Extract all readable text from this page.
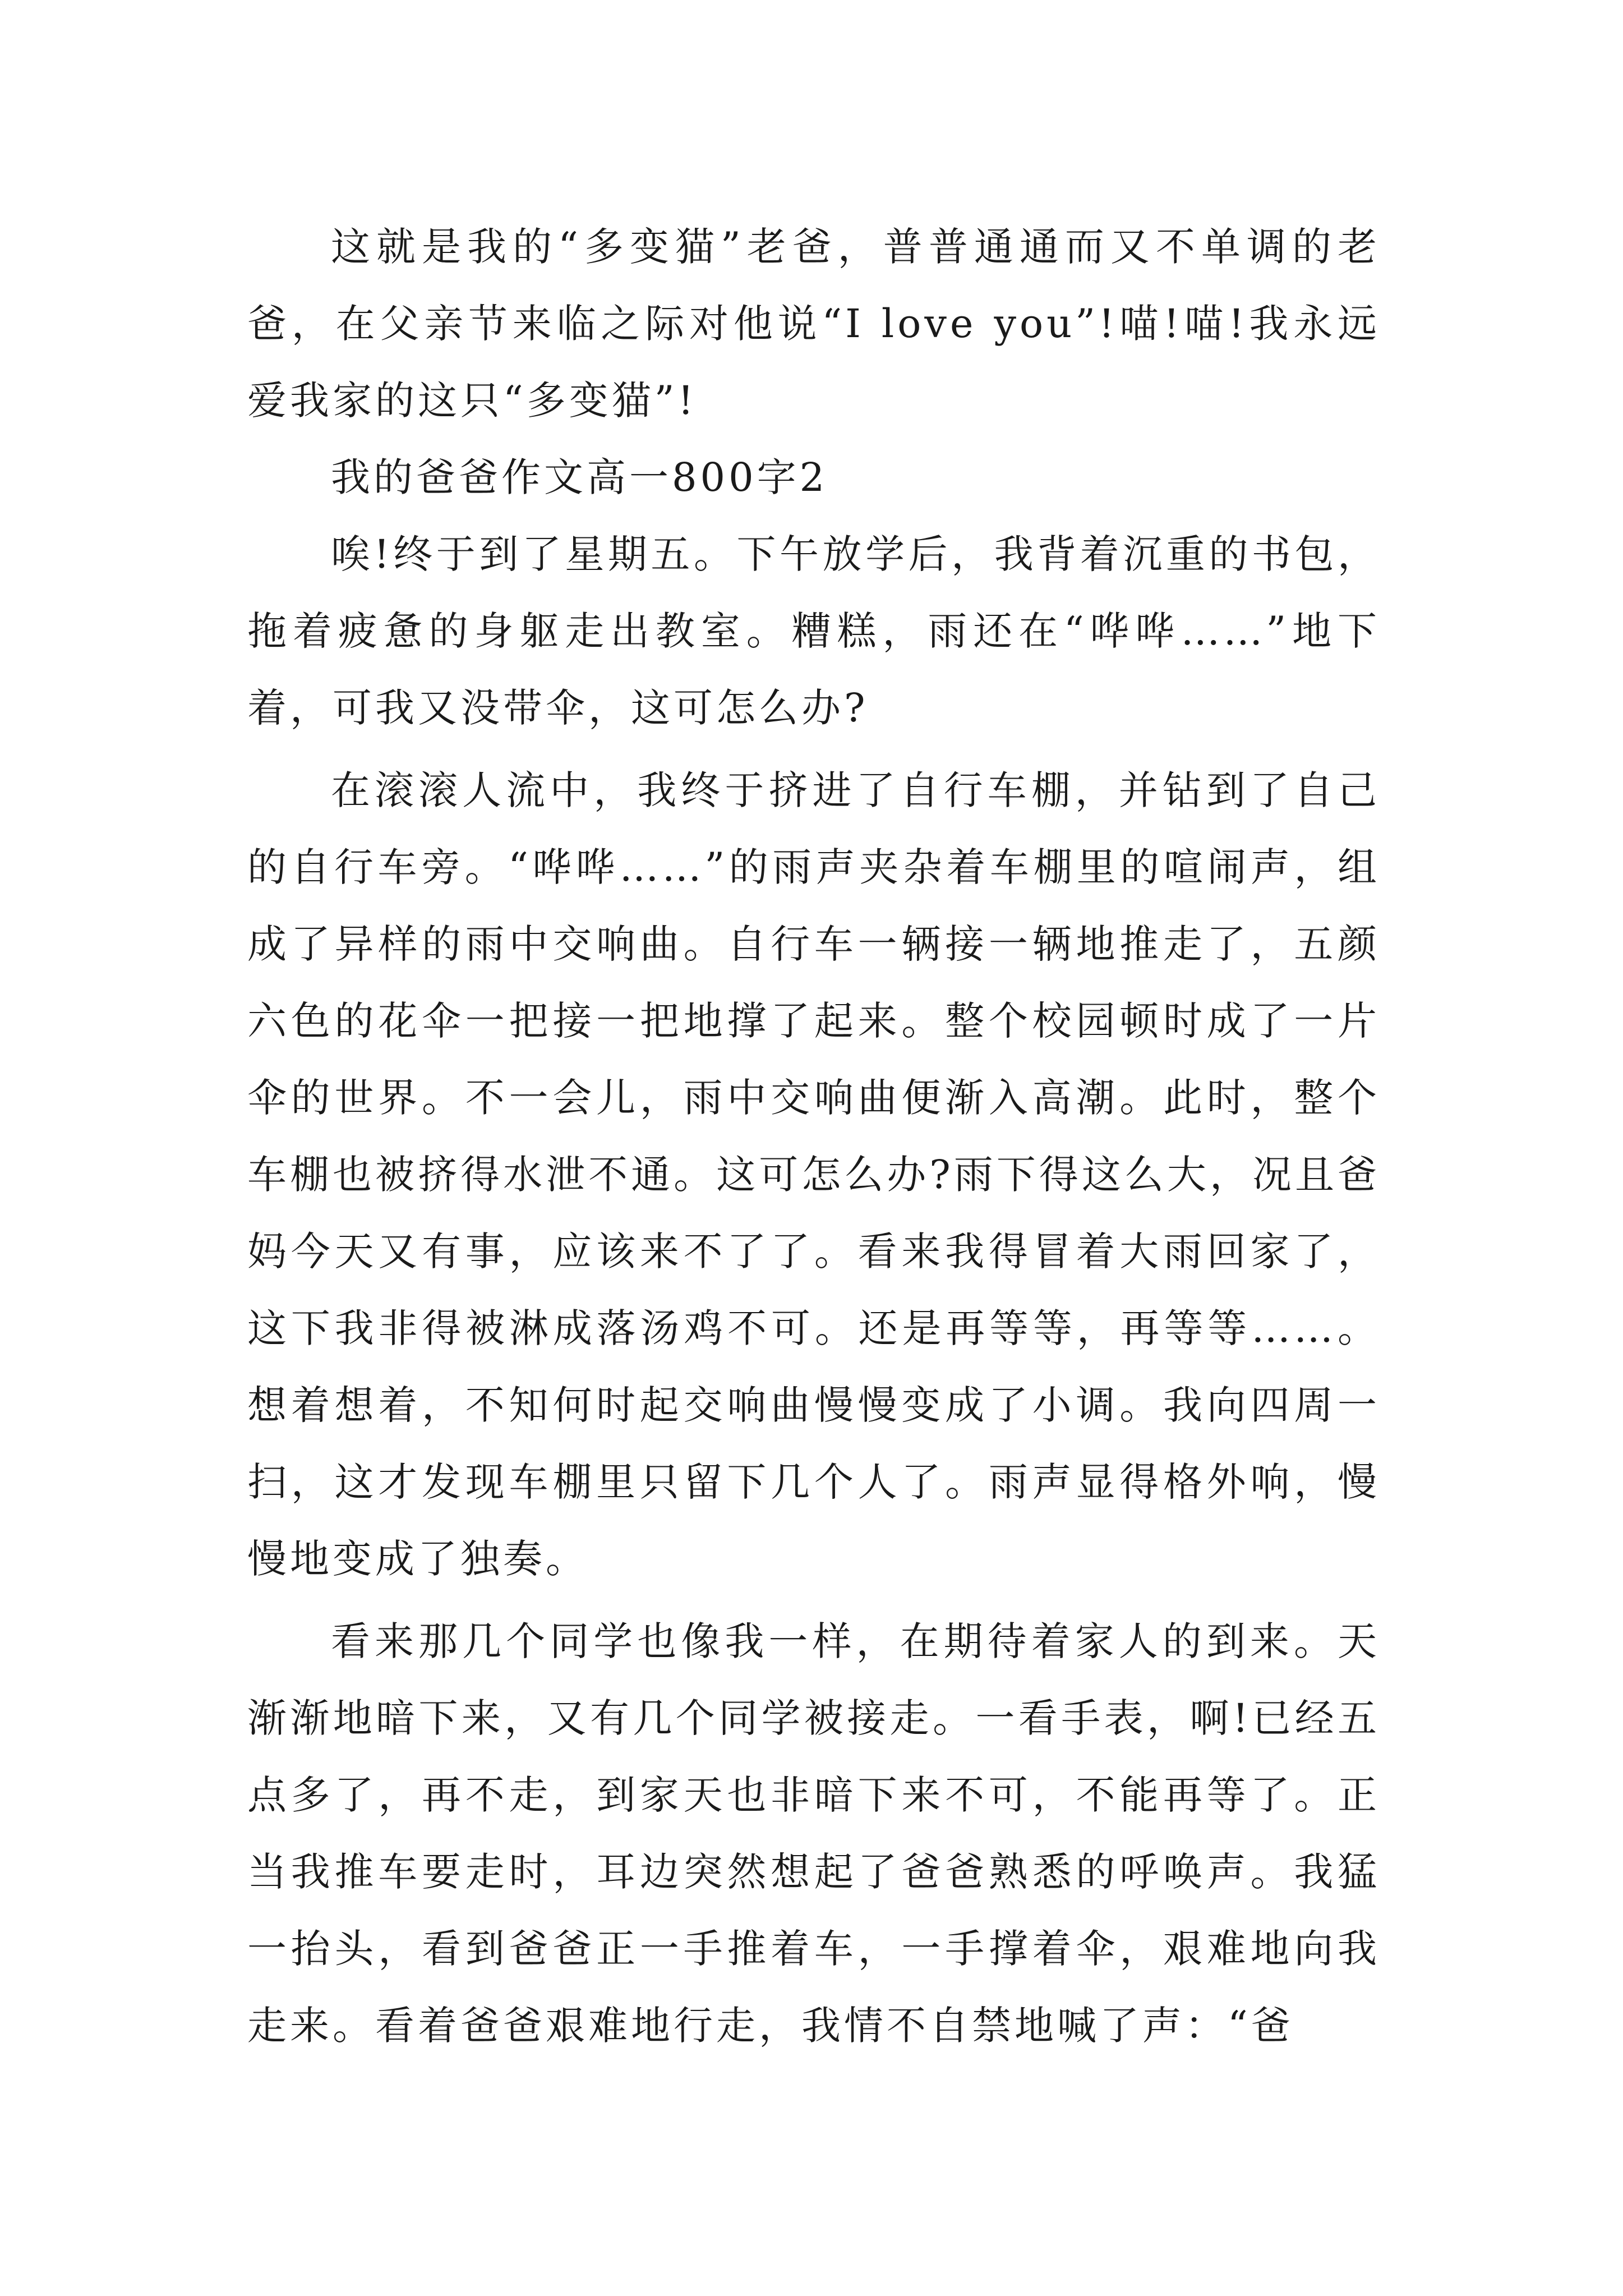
这就是我的“多变猫”老爸，普普通通而又不单调的老爸，在父亲节来临之际对他说“I love you”!喵!喵!我永远爱我家的这只“多变猫”!

我的爸爸作文高一800字2

唉!终于到了星期五。下午放学后，我背着沉重的书包，拖着疲惫的身躯走出教室。糟糕，雨还在“哗哗……”地下着，可我又没带伞，这可怎么办?

在滚滚人流中，我终于挤进了自行车棚，并钻到了自己的自行车旁。“哗哗……”的雨声夹杂着车棚里的喧闹声，组成了异样的雨中交响曲。自行车一辆接一辆地推走了，五颜六色的花伞一把接一把地撑了起来。整个校园顿时成了一片伞的世界。不一会儿，雨中交响曲便渐入高潮。此时，整个车棚也被挤得水泄不通。这可怎么办?雨下得这么大，况且爸妈今天又有事，应该来不了了。看来我得冒着大雨回家了，这下我非得被淋成落汤鸡不可。还是再等等，再等等……。想着想着，不知何时起交响曲慢慢变成了小调。我向四周一扫，这才发现车棚里只留下几个人了。雨声显得格外响，慢慢地变成了独奏。

看来那几个同学也像我一样，在期待着家人的到来。天渐渐地暗下来，又有几个同学被接走。一看手表，啊!已经五点多了，再不走，到家天也非暗下来不可，不能再等了。正当我推车要走时，耳边突然想起了爸爸熟悉的呼唤声。我猛一抬头，看到爸爸正一手推着车，一手撑着伞，艰难地向我走来。看着爸爸艰难地行走，我情不自禁地喊了声：“爸
